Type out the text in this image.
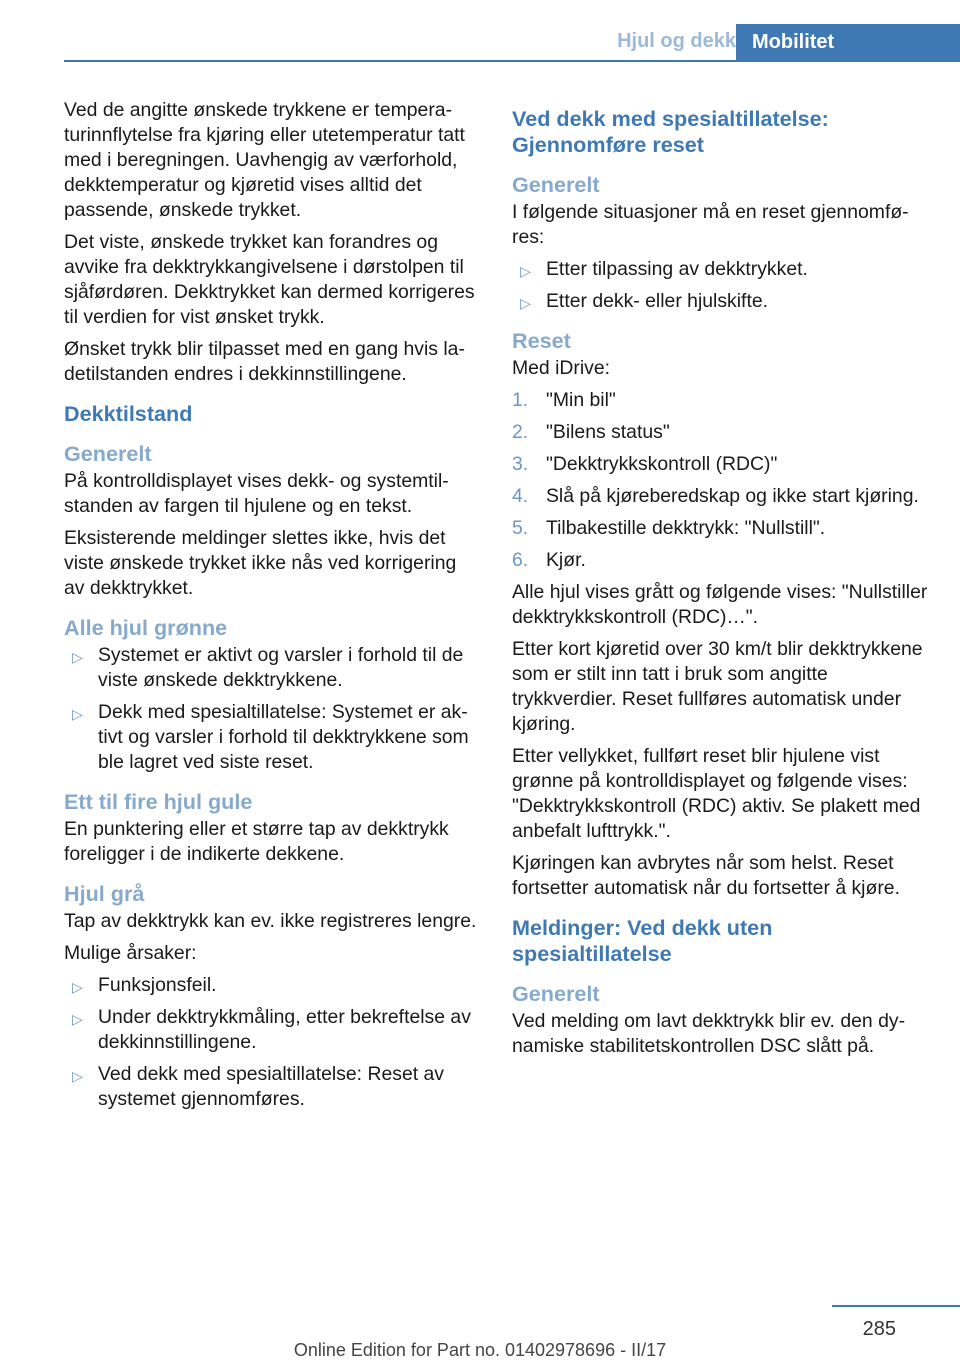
Hjul og dekk Mobilitet

Ved de angitte ønskede trykkene er temperaturinnflytelse fra kjøring eller utetemperatur tatt med i beregningen. Uavhengig av værforhold, dekktemperatur og kjøretid vises alltid det passende, ønskede trykket.

Det viste, ønskede trykket kan forandres og avvike fra dekktrykkangivelsene i dørstolpen til sjåførdøren. Dekktrykket kan dermed korrigeres til verdien for vist ønsket trykk.

Ønsket trykk blir tilpasset med en gang hvis ladetilstanden endres i dekkinnstillingene.

Dekktilstand
Generelt

På kontrolldisplayet vises dekk- og systemtilstanden av fargen til hjulene og en tekst.

Eksisterende meldinger slettes ikke, hvis det viste ønskede trykket ikke nås ved korrigering av dekktrykket.

Alle hjul grønne
▷ Systemet er aktivt og varsler i forhold til de viste ønskede dekktrykkene.
▷ Dekk med spesialtillatelse: Systemet er aktivt og varsler i forhold til dekktrykkene som ble lagret ved siste reset.
Ett til fire hjul gule

En punktering eller et større tap av dekktrykk foreligger i de indikerte dekkene.

Hjul grå

Tap av dekktrykk kan ev. ikke registreres lengre.

Mulige årsaker:

▷ Funksjonsfeil.
▷ Under dekktrykkmåling, etter bekreftelse av dekkinnstillingene.
▷ Ved dekk med spesialtillatelse: Reset av systemet gjennomføres.
Ved dekk med spesialtillatelse: Gjennomføre reset
Generelt

I følgende situasjoner må en reset gjennomføres:

▷ Etter tilpassing av dekktrykket.
▷ Etter dekk- eller hjulskifte.
Reset

Med iDrive:

1. "Min bil"
2. "Bilens status"
3. "Dekktrykkskontroll (RDC)"
4. Slå på kjøreberedskap og ikke start kjøring.
5. Tilbakestille dekktrykk: "Nullstill".
6. Kjør.

Alle hjul vises grått og følgende vises: "Nullstiller dekktrykkskontroll (RDC)…".

Etter kort kjøretid over 30 km/t blir dekktrykkene som er stilt inn tatt i bruk som angitte trykkverdier. Reset fullføres automatisk under kjøring.

Etter vellykket, fullført reset blir hjulene vist grønne på kontrolldisplayet og følgende vises: "Dekktrykkskontroll (RDC) aktiv. Se plakett med anbefalt lufttrykk.".

Kjøringen kan avbrytes når som helst. Reset fortsetter automatisk når du fortsetter å kjøre.

Meldinger: Ved dekk uten spesialtillatelse
Generelt

Ved melding om lavt dekktrykk blir ev. den dynamiske stabilitetskontrollen DSC slått på.

285
Online Edition for Part no. 01402978696 - II/17
